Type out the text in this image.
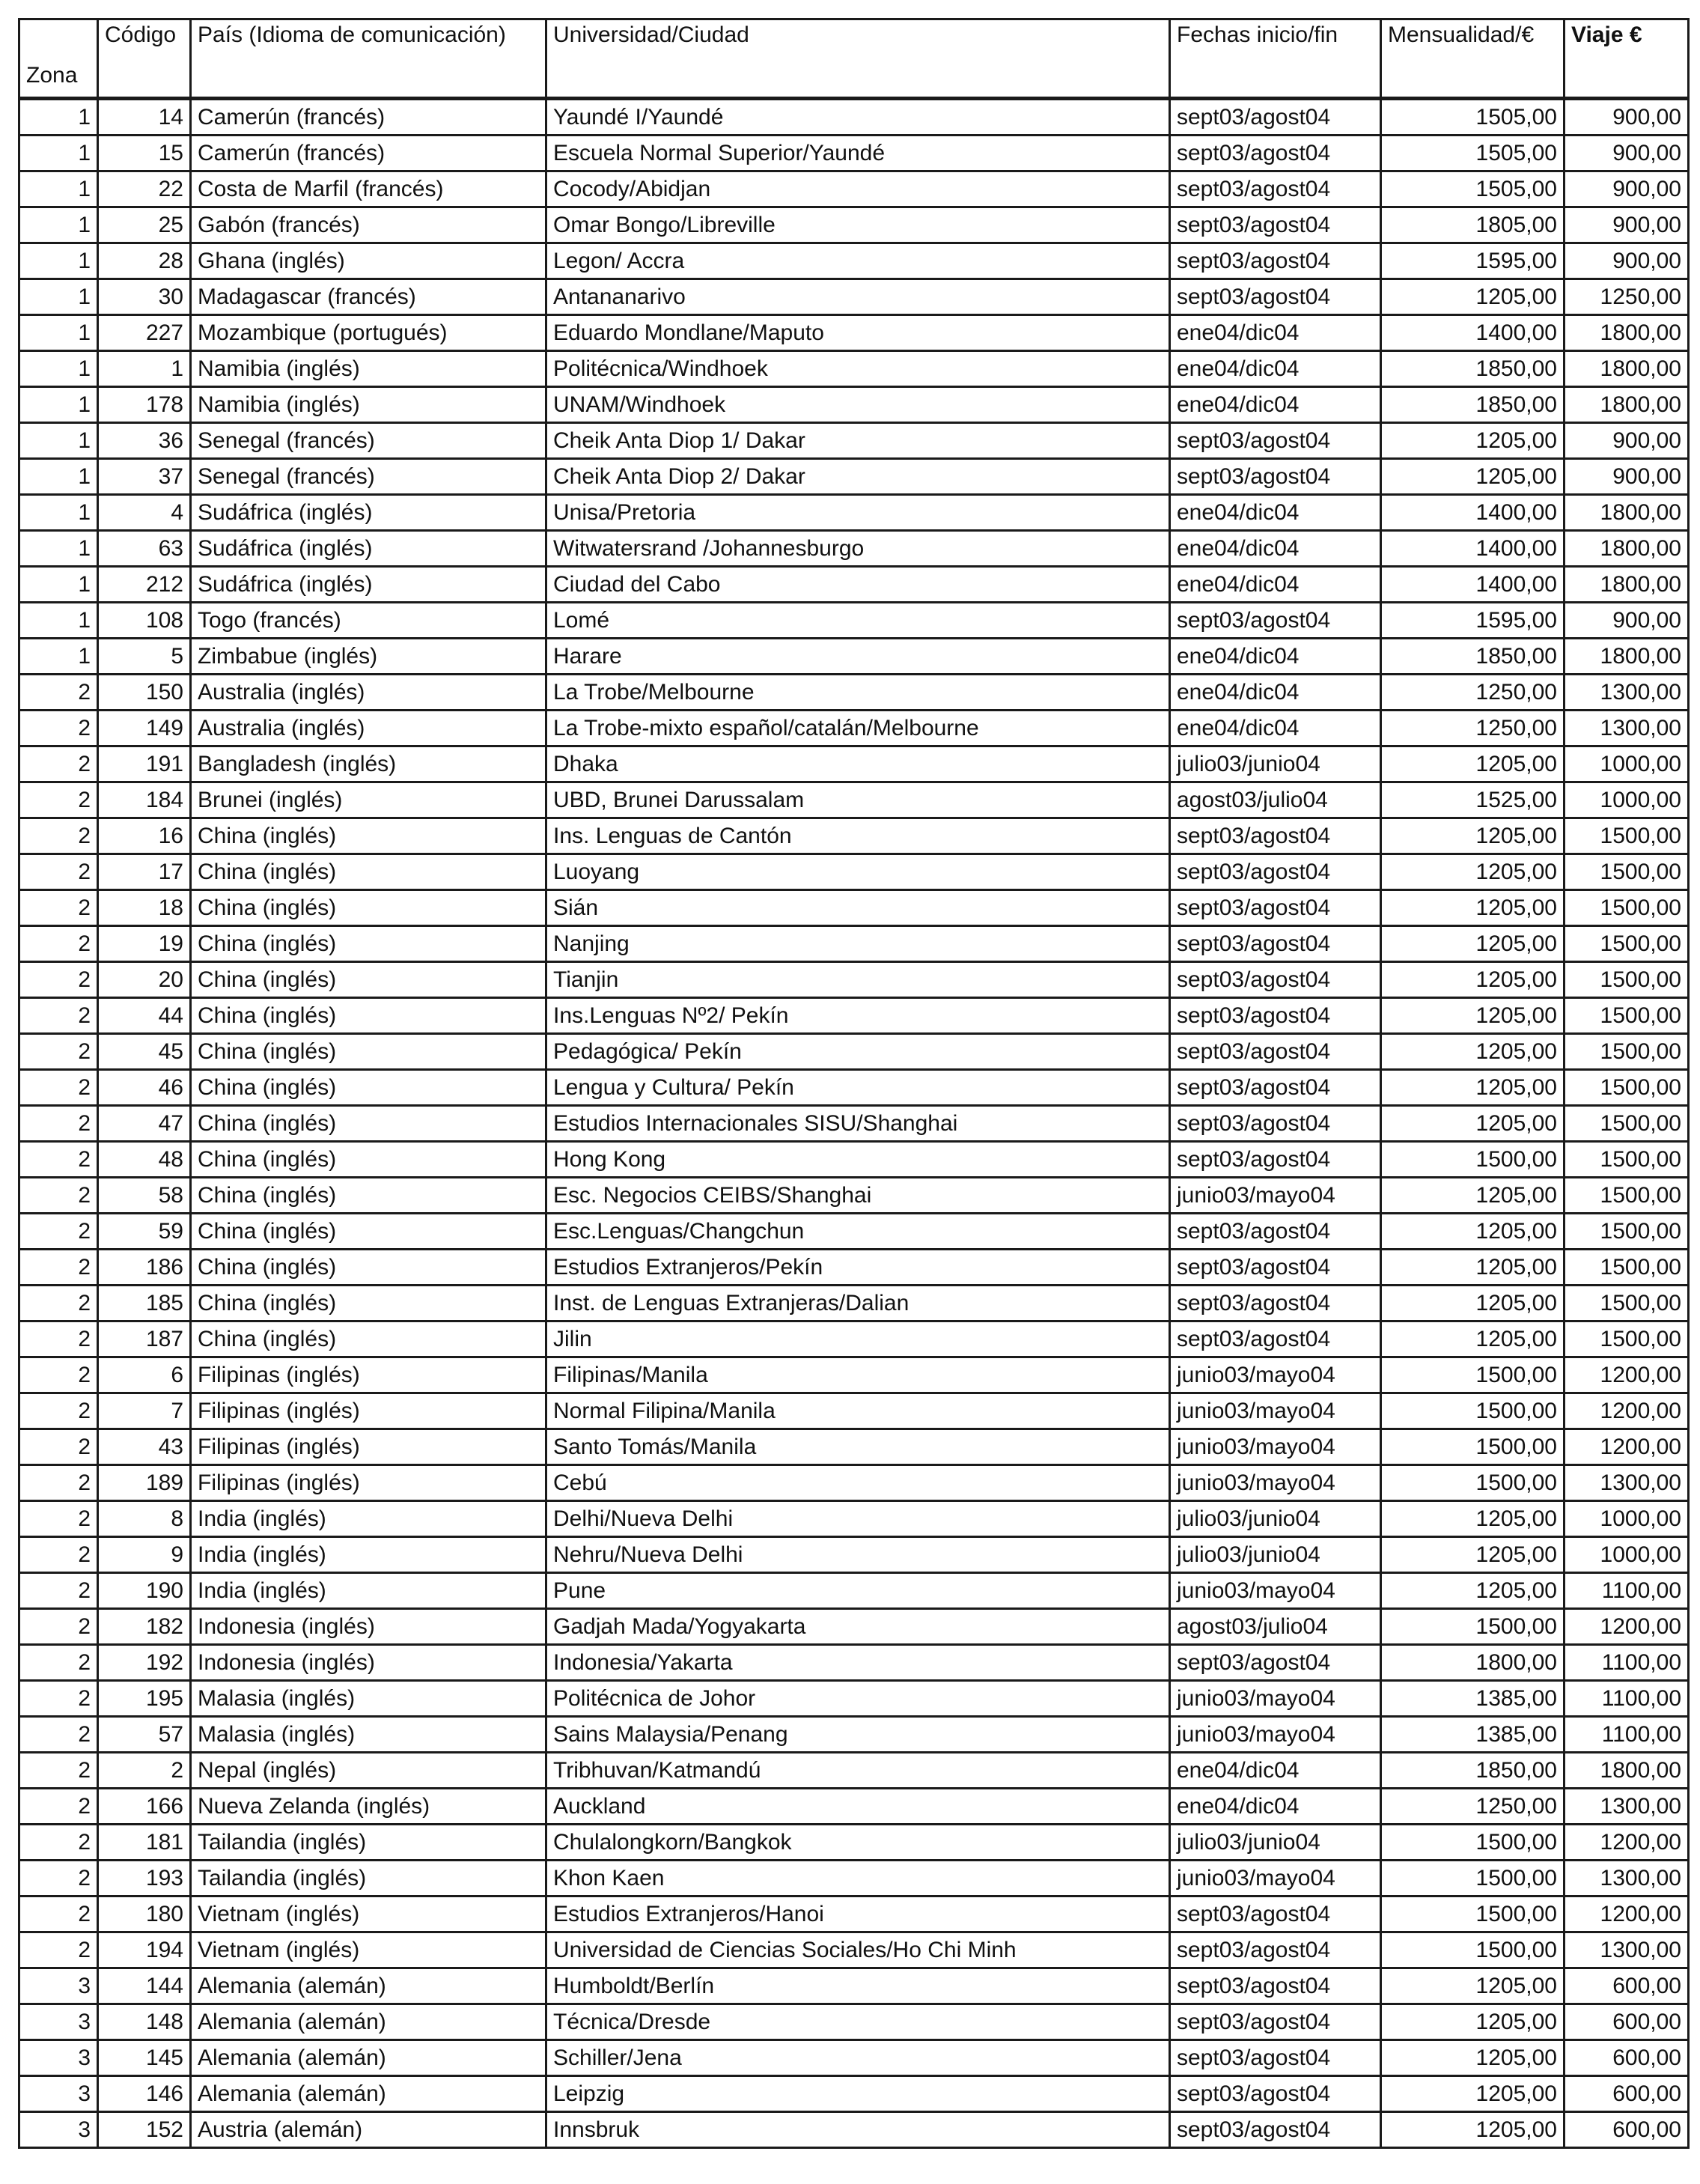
Zona	Código	País (Idioma de comunicación)	Universidad/Ciudad	Fechas inicio/fin	Mensualidad/€	Viaje €
1	14	Camerún (francés)	Yaundé I/Yaundé	sept03/agost04	1505,00	900,00
1	15	Camerún (francés)	Escuela Normal Superior/Yaundé	sept03/agost04	1505,00	900,00
1	22	Costa de Marfil (francés)	Cocody/Abidjan	sept03/agost04	1505,00	900,00
1	25	Gabón (francés)	Omar Bongo/Libreville	sept03/agost04	1805,00	900,00
1	28	Ghana (inglés)	Legon/ Accra	sept03/agost04	1595,00	900,00
1	30	Madagascar (francés)	Antananarivo	sept03/agost04	1205,00	1250,00
1	227	Mozambique (portugués)	Eduardo Mondlane/Maputo	ene04/dic04	1400,00	1800,00
1	1	Namibia (inglés)	Politécnica/Windhoek	ene04/dic04	1850,00	1800,00
1	178	Namibia (inglés)	UNAM/Windhoek	ene04/dic04	1850,00	1800,00
1	36	Senegal (francés)	Cheik Anta Diop 1/ Dakar	sept03/agost04	1205,00	900,00
1	37	Senegal (francés)	Cheik Anta Diop 2/ Dakar	sept03/agost04	1205,00	900,00
1	4	Sudáfrica (inglés)	Unisa/Pretoria	ene04/dic04	1400,00	1800,00
1	63	Sudáfrica (inglés)	Witwatersrand /Johannesburgo	ene04/dic04	1400,00	1800,00
1	212	Sudáfrica (inglés)	Ciudad del Cabo	ene04/dic04	1400,00	1800,00
1	108	Togo (francés)	Lomé	sept03/agost04	1595,00	900,00
1	5	Zimbabue (inglés)	Harare	ene04/dic04	1850,00	1800,00
2	150	Australia (inglés)	La Trobe/Melbourne	ene04/dic04	1250,00	1300,00
2	149	Australia (inglés)	La Trobe-mixto español/catalán/Melbourne	ene04/dic04	1250,00	1300,00
2	191	Bangladesh (inglés)	Dhaka	julio03/junio04	1205,00	1000,00
2	184	Brunei (inglés)	UBD, Brunei Darussalam	agost03/julio04	1525,00	1000,00
2	16	China (inglés)	Ins. Lenguas de Cantón	sept03/agost04	1205,00	1500,00
2	17	China (inglés)	Luoyang	sept03/agost04	1205,00	1500,00
2	18	China (inglés)	Sián	sept03/agost04	1205,00	1500,00
2	19	China (inglés)	Nanjing	sept03/agost04	1205,00	1500,00
2	20	China (inglés)	Tianjin	sept03/agost04	1205,00	1500,00
2	44	China (inglés)	Ins.Lenguas Nº2/ Pekín	sept03/agost04	1205,00	1500,00
2	45	China (inglés)	Pedagógica/ Pekín	sept03/agost04	1205,00	1500,00
2	46	China (inglés)	Lengua y Cultura/ Pekín	sept03/agost04	1205,00	1500,00
2	47	China (inglés)	Estudios Internacionales SISU/Shanghai	sept03/agost04	1205,00	1500,00
2	48	China (inglés)	Hong Kong	sept03/agost04	1500,00	1500,00
2	58	China (inglés)	Esc. Negocios CEIBS/Shanghai	junio03/mayo04	1205,00	1500,00
2	59	China (inglés)	Esc.Lenguas/Changchun	sept03/agost04	1205,00	1500,00
2	186	China (inglés)	Estudios Extranjeros/Pekín	sept03/agost04	1205,00	1500,00
2	185	China (inglés)	Inst. de Lenguas Extranjeras/Dalian	sept03/agost04	1205,00	1500,00
2	187	China (inglés)	Jilin	sept03/agost04	1205,00	1500,00
2	6	Filipinas (inglés)	Filipinas/Manila	junio03/mayo04	1500,00	1200,00
2	7	Filipinas (inglés)	Normal Filipina/Manila	junio03/mayo04	1500,00	1200,00
2	43	Filipinas (inglés)	Santo Tomás/Manila	junio03/mayo04	1500,00	1200,00
2	189	Filipinas (inglés)	Cebú	junio03/mayo04	1500,00	1300,00
2	8	India (inglés)	Delhi/Nueva Delhi	julio03/junio04	1205,00	1000,00
2	9	India (inglés)	Nehru/Nueva Delhi	julio03/junio04	1205,00	1000,00
2	190	India (inglés)	Pune	junio03/mayo04	1205,00	1100,00
2	182	Indonesia (inglés)	Gadjah Mada/Yogyakarta	agost03/julio04	1500,00	1200,00
2	192	Indonesia (inglés)	Indonesia/Yakarta	sept03/agost04	1800,00	1100,00
2	195	Malasia (inglés)	Politécnica de Johor	junio03/mayo04	1385,00	1100,00
2	57	Malasia (inglés)	Sains Malaysia/Penang	junio03/mayo04	1385,00	1100,00
2	2	Nepal (inglés)	Tribhuvan/Katmandú	ene04/dic04	1850,00	1800,00
2	166	Nueva Zelanda (inglés)	Auckland	ene04/dic04	1250,00	1300,00
2	181	Tailandia (inglés)	Chulalongkorn/Bangkok	julio03/junio04	1500,00	1200,00
2	193	Tailandia (inglés)	Khon Kaen	junio03/mayo04	1500,00	1300,00
2	180	Vietnam (inglés)	Estudios Extranjeros/Hanoi	sept03/agost04	1500,00	1200,00
2	194	Vietnam (inglés)	Universidad de Ciencias Sociales/Ho Chi Minh	sept03/agost04	1500,00	1300,00
3	144	Alemania (alemán)	Humboldt/Berlín	sept03/agost04	1205,00	600,00
3	148	Alemania (alemán)	Técnica/Dresde	sept03/agost04	1205,00	600,00
3	145	Alemania (alemán)	Schiller/Jena	sept03/agost04	1205,00	600,00
3	146	Alemania (alemán)	Leipzig	sept03/agost04	1205,00	600,00
3	152	Austria (alemán)	Innsbruk	sept03/agost04	1205,00	600,00
